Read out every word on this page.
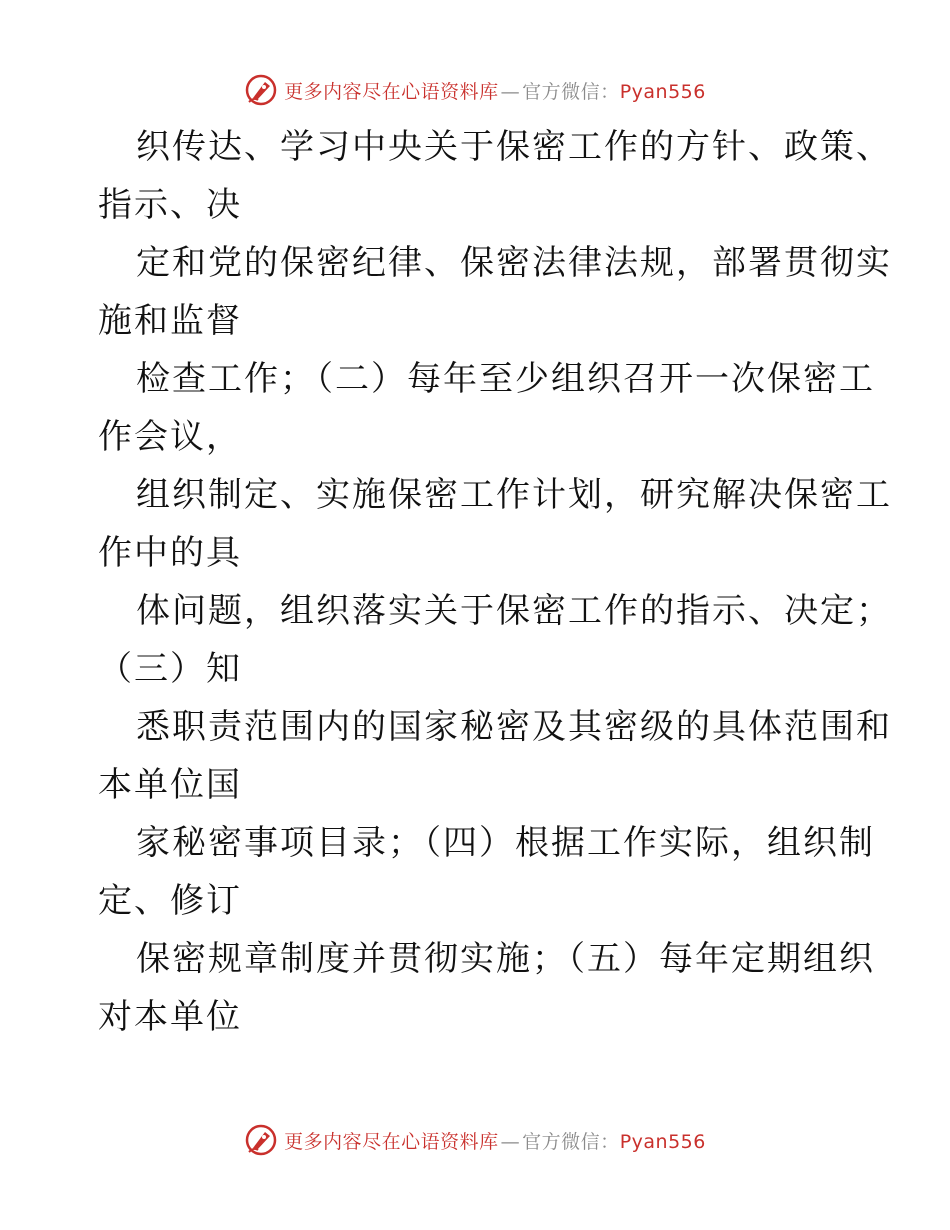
更多内容尽在心语资料库 — 官方微信：Pyan556
织传达、学习中央关于保密工作的方针、政策、
指示、决
定和党的保密纪律、保密法律法规，部署贯彻实
施和监督
检查工作；（二）每年至少组织召开一次保密工
作会议，
组织制定、实施保密工作计划，研究解决保密工
作中的具
体问题，组织落实关于保密工作的指示、决定；
（三）知
悉职责范围内的国家秘密及其密级的具体范围和
本单位国
家秘密事项目录；（四）根据工作实际，组织制
定、修订
保密规章制度并贯彻实施；（五）每年定期组织
对本单位
更多内容尽在心语资料库 — 官方微信：Pyan556
